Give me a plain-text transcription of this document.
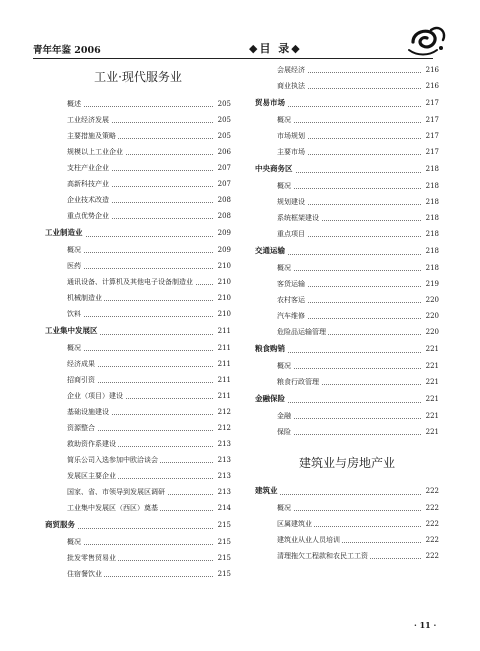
青年年鉴 2006	◆目 录◆
工业·现代服务业
概述	205
工业经济发展	205
主要措施及策略	205
规模以上工业企业	206
支柱产业企业	207
高新科技产业	207
企业技术改造	208
重点优势企业	208
工业制造业	209
概况	209
医药	210
通讯设备、计算机及其他电子设备制造业	210
机械制造业	210
饮料	210
工业集中发展区	211
概况	211
经济成果	211
招商引资	211
企业（项目）建设	211
基础设施建设	212
资源整合	212
救助资作系建设	213
简乐公司入选参加中欧洽谈会	213
发展区主要企业	213
国家、省、市领导到发展区调研	213
工业集中发展区（西区）奠基	214
商贸服务	215
概况	215
批发零售贸易业	215
住宿餐饮业	215
会展经济	216
商业执法	216
贸易市场	217
概况	217
市场规划	217
主要市场	217
中央商务区	218
概况	218
规划建设	218
系统框架建设	218
重点项目	218
交通运输	218
概况	218
客货运输	219
农村客运	220
汽车维修	220
危险品运输管理	220
粮食购销	221
概况	221
粮食行政管理	221
金融保险	221
金融	221
保险	221
建筑业与房地产业
建筑业	222
概况	222
区属建筑业	222
建筑业从业人员培训	222
清理拖欠工程款和农民工工资	222
· 11 ·
